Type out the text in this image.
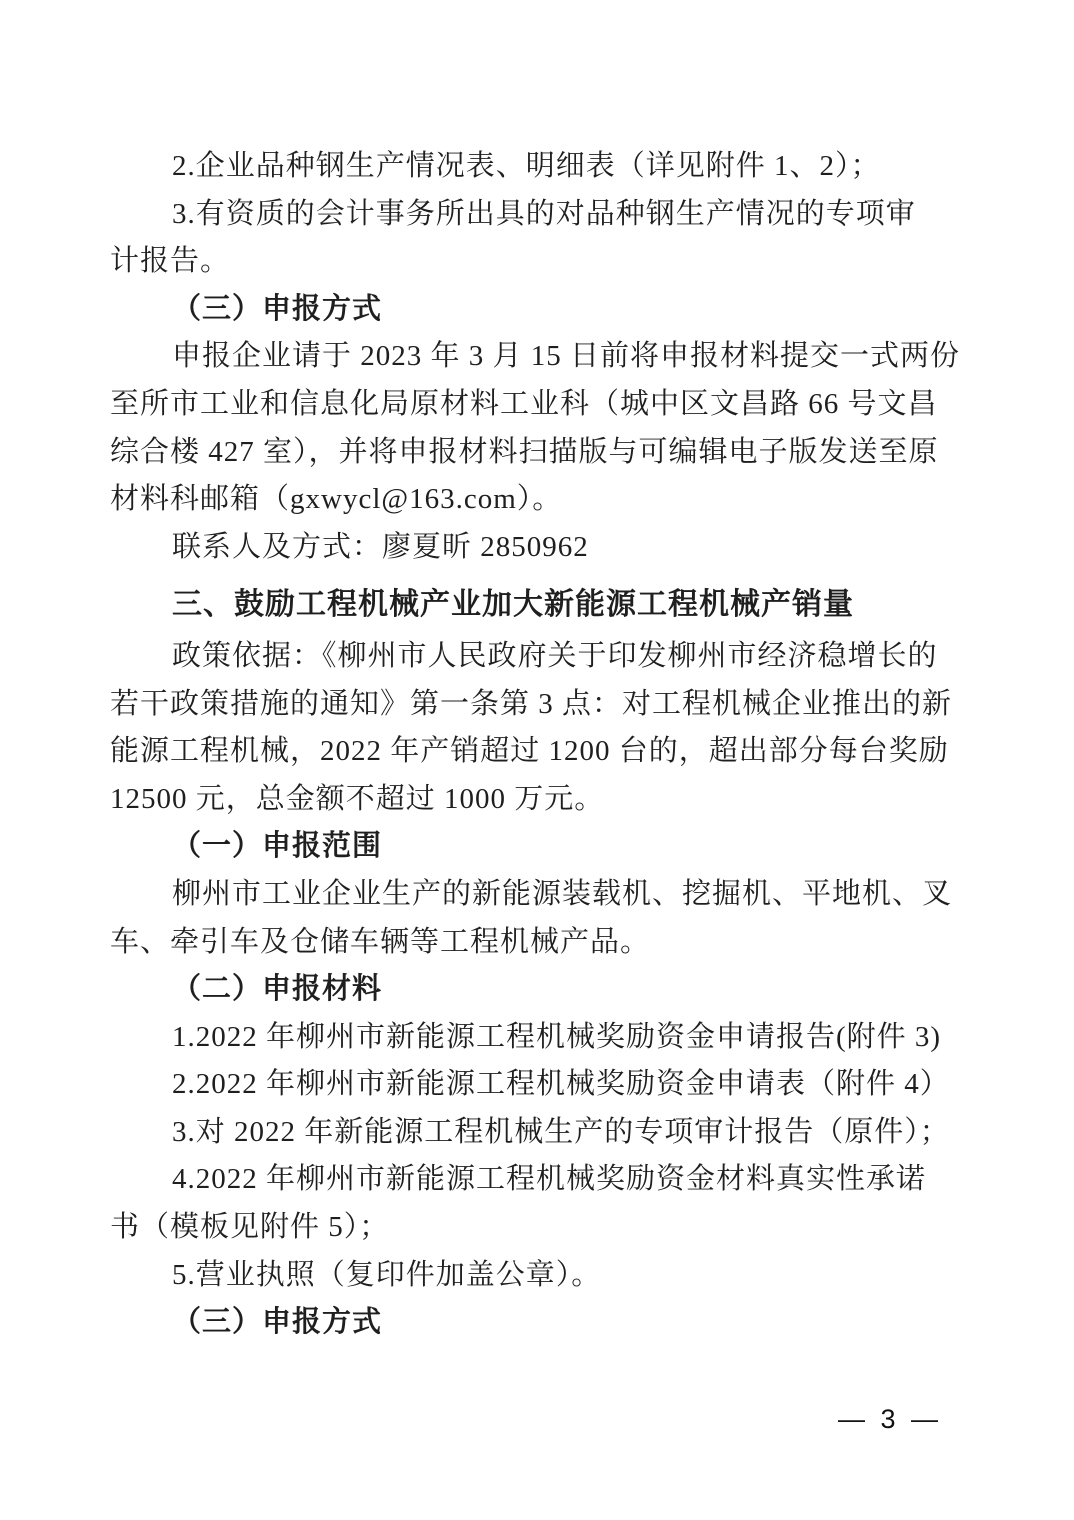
2.企业品种钢生产情况表、明细表（详见附件 1、2）；
3.有资质的会计事务所出具的对品种钢生产情况的专项审
计报告。
（三）申报方式
申报企业请于 2023 年 3 月 15 日前将申报材料提交一式两份
至所市工业和信息化局原材料工业科（城中区文昌路 66 号文昌
综合楼 427 室），并将申报材料扫描版与可编辑电子版发送至原
材料科邮箱（gxwycl@163.com）。
联系人及方式：廖夏昕 2850962
三、鼓励工程机械产业加大新能源工程机械产销量
政策依据：《柳州市人民政府关于印发柳州市经济稳增长的
若干政策措施的通知》第一条第 3 点：对工程机械企业推出的新
能源工程机械，2022 年产销超过 1200 台的，超出部分每台奖励
12500 元，总金额不超过 1000 万元。
（一）申报范围
柳州市工业企业生产的新能源装载机、挖掘机、平地机、叉
车、牵引车及仓储车辆等工程机械产品。
（二）申报材料
1.2022 年柳州市新能源工程机械奖励资金申请报告(附件 3)
2.2022 年柳州市新能源工程机械奖励资金申请表（附件 4）
3.对 2022 年新能源工程机械生产的专项审计报告（原件）；
4.2022 年柳州市新能源工程机械奖励资金材料真实性承诺
书（模板见附件 5）；
5.营业执照（复印件加盖公章）。
（三）申报方式
— 3 —
